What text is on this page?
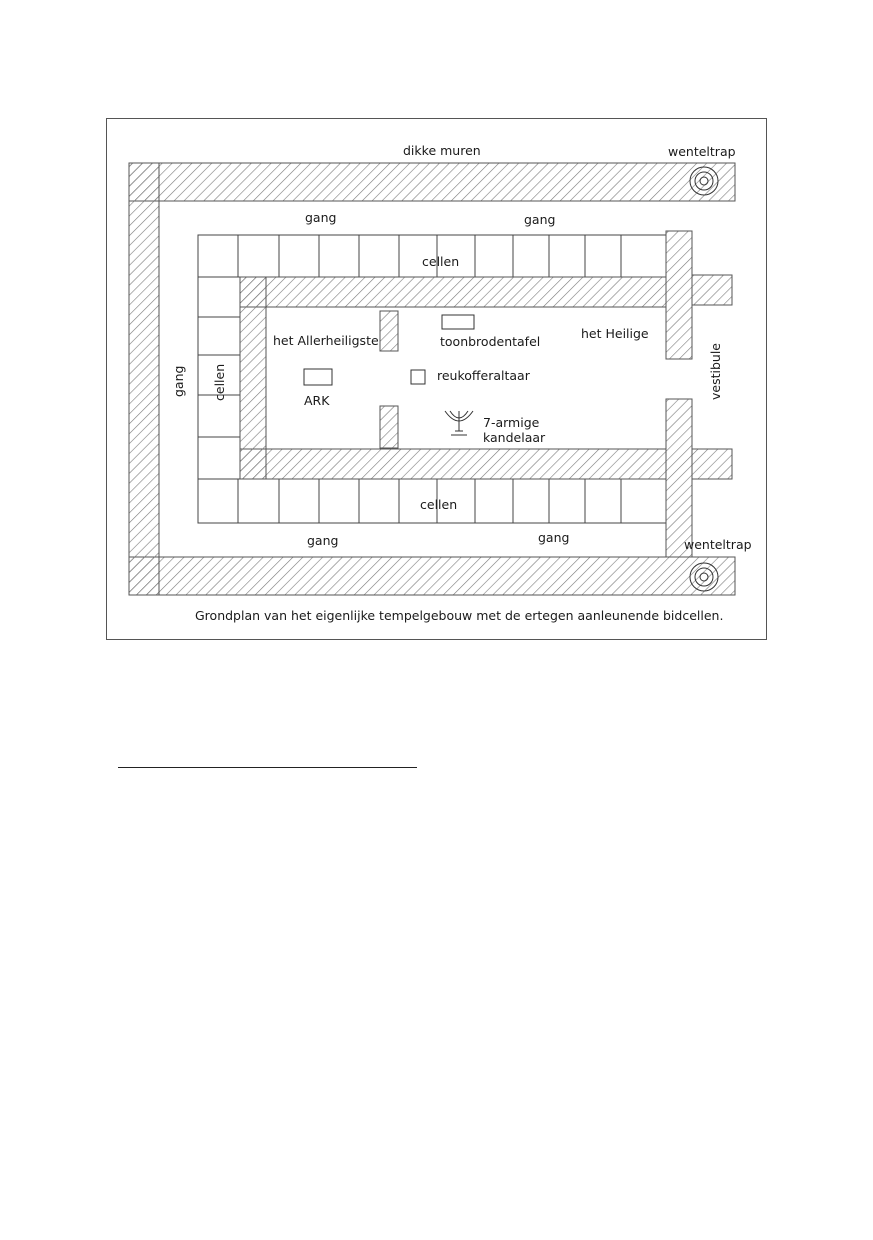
dikke muren	wenteltrap
gang	gang
cellen
het Allerheiligste	toonbrodentafel
het Heilige
ARK
reukofferaltaar
7-armige
kandelaar
cellen
gang	gang	wenteltrap
gang cellen	vestibule
Grondplan van het eigenlijke tempelgebouw met de ertegen aanleunende bidcellen.
